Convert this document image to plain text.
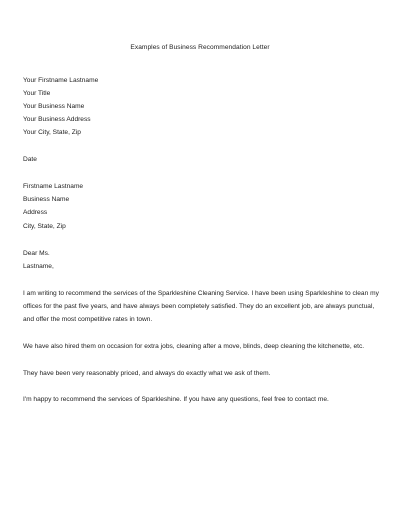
Examples of Business Recommendation Letter
Your Firstname Lastname
Your Title
Your Business Name
Your Business Address
Your City, State, Zip
Date
Firstname Lastname
Business Name
Address
City, State, Zip
Dear Ms.
Lastname,
I am writing to recommend the services of the Sparkleshine Cleaning Service. I have been using Sparkleshine to clean my
offices for the past five years, and have always been completely satisfied. They do an excellent job, are always punctual,
and offer the most competitive rates in town.
We have also hired them on occasion for extra jobs, cleaning after a move, blinds, deep cleaning the kitchenette, etc.
They have been very reasonably priced, and always do exactly what we ask of them.
I'm happy to recommend the services of Sparkleshine. If you have any questions, feel free to contact me.
